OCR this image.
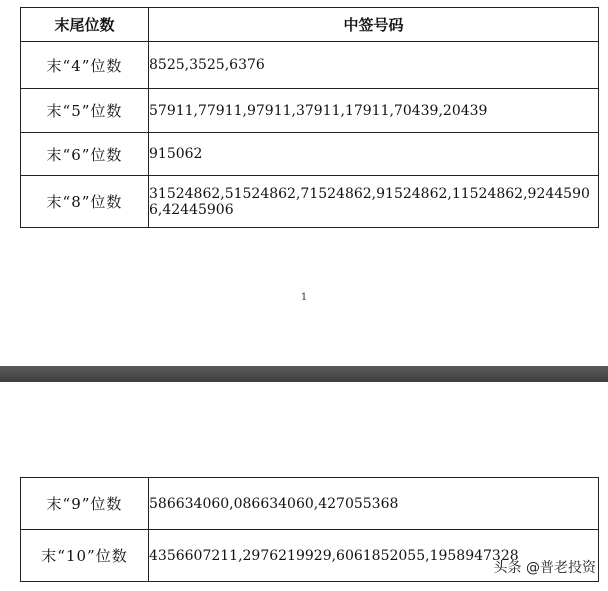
末尾位数	中签号码
末“4”位数	8525,3525,6376
末“5”位数	57911,77911,97911,37911,17911,70439,20439
末“6”位数	915062
末“8”位数	31524862,51524862,71524862,91524862,11524862,92445906,42445906
1
末“9”位数	586634060,086634060,427055368
末“10”位数	4356607211,2976219929,6061852055,1958947328
头条 @普老投资
